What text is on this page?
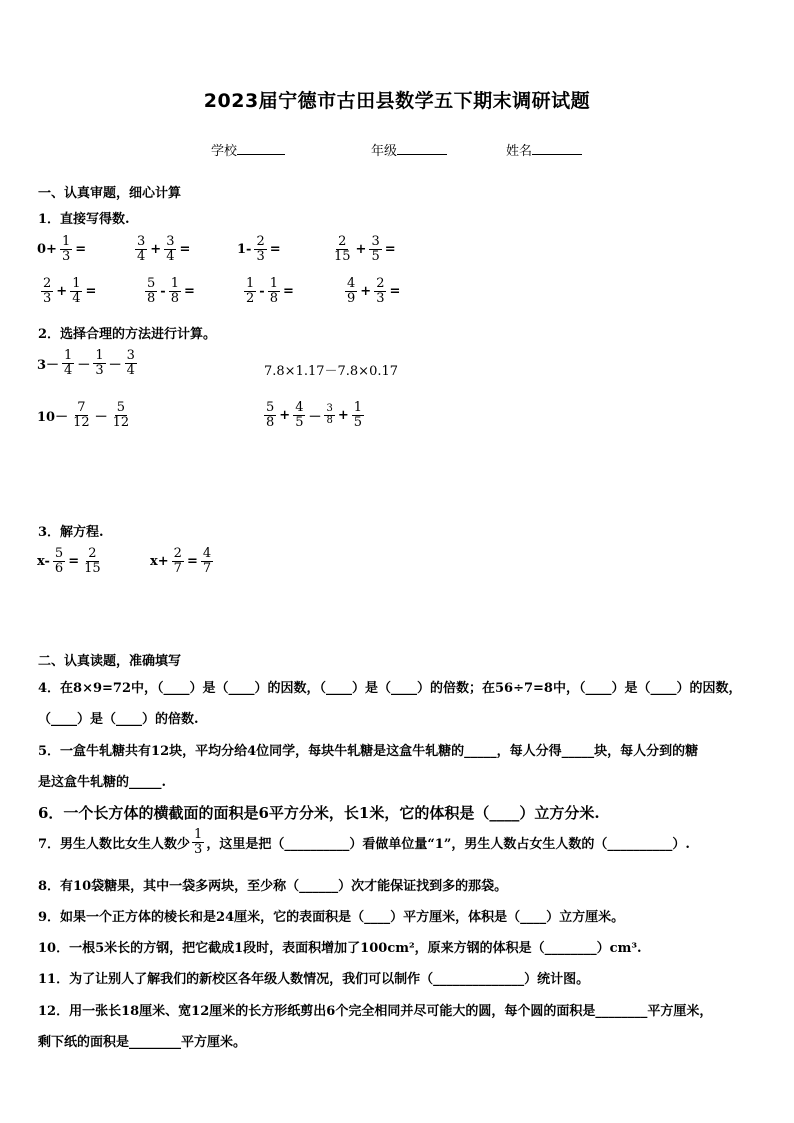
2023届宁德市古田县数学五下期末调研试题
学校	年级	姓名
一、认真审题，细心计算
1．直接写得数.
$0+ \frac{1}{3}$ =	$\frac{3}{4} + \frac{3}{4}$ =	$1- \frac{2}{3}$ =	$\frac{2}{15} + \frac{3}{5}$ =
$\frac{2}{3} + \frac{1}{4}$ =	$\frac{5}{8} - \frac{1}{8}$ =	$\frac{1}{2} - \frac{1}{8}$ =	$\frac{4}{9} + \frac{2}{3}$ =
2．选择合理的方法进行计算。
$3- \frac{1}{4} - \frac{1}{3} - \frac{3}{4}$	7.8×1.17－7.8×0.17
$10- \frac{7}{12} - \frac{5}{12}$	$\frac{5}{8} + \frac{4}{5} - \frac{3}{8} + \frac{1}{5}$
3．解方程.
$x- \frac{5}{6} = \frac{2}{15}$	$x+ \frac{2}{7} = \frac{4}{7}$
二、认真读题，准确填写
4．在8×9=72中，（____）是（____）的因数，（____）是（____）的倍数；在56÷7=8中，（____）是（____）的因数，
（____）是（____）的倍数.
5．一盒牛轧糖共有12块，平均分给4位同学，每块牛轧糖是这盒牛轧糖的_____，每人分得_____块，每人分到的糖
是这盒牛轧糖的_____.
6．一个长方体的横截面的面积是6平方分米，长1米，它的体积是（____）立方分米.
7．男生人数比女生人数少 $\frac{1}{3}$ ，这里是把（__________）看做单位量“1”，男生人数占女生人数的（__________）.
8．有10袋糖果，其中一袋多两块，至少称（______）次才能保证找到多的那袋。
9．如果一个正方体的棱长和是24厘米，它的表面积是（____）平方厘米，体积是（____）立方厘米。
10．一根5米长的方钢，把它截成1段时，表面积增加了100cm²，原来方钢的体积是（________）cm³.
11．为了让别人了解我们的新校区各年级人数情况，我们可以制作（______________）统计图。
12．用一张长18厘米、宽12厘米的长方形纸剪出6个完全相同并尽可能大的圆，每个圆的面积是________平方厘米，
剩下纸的面积是________平方厘米。
